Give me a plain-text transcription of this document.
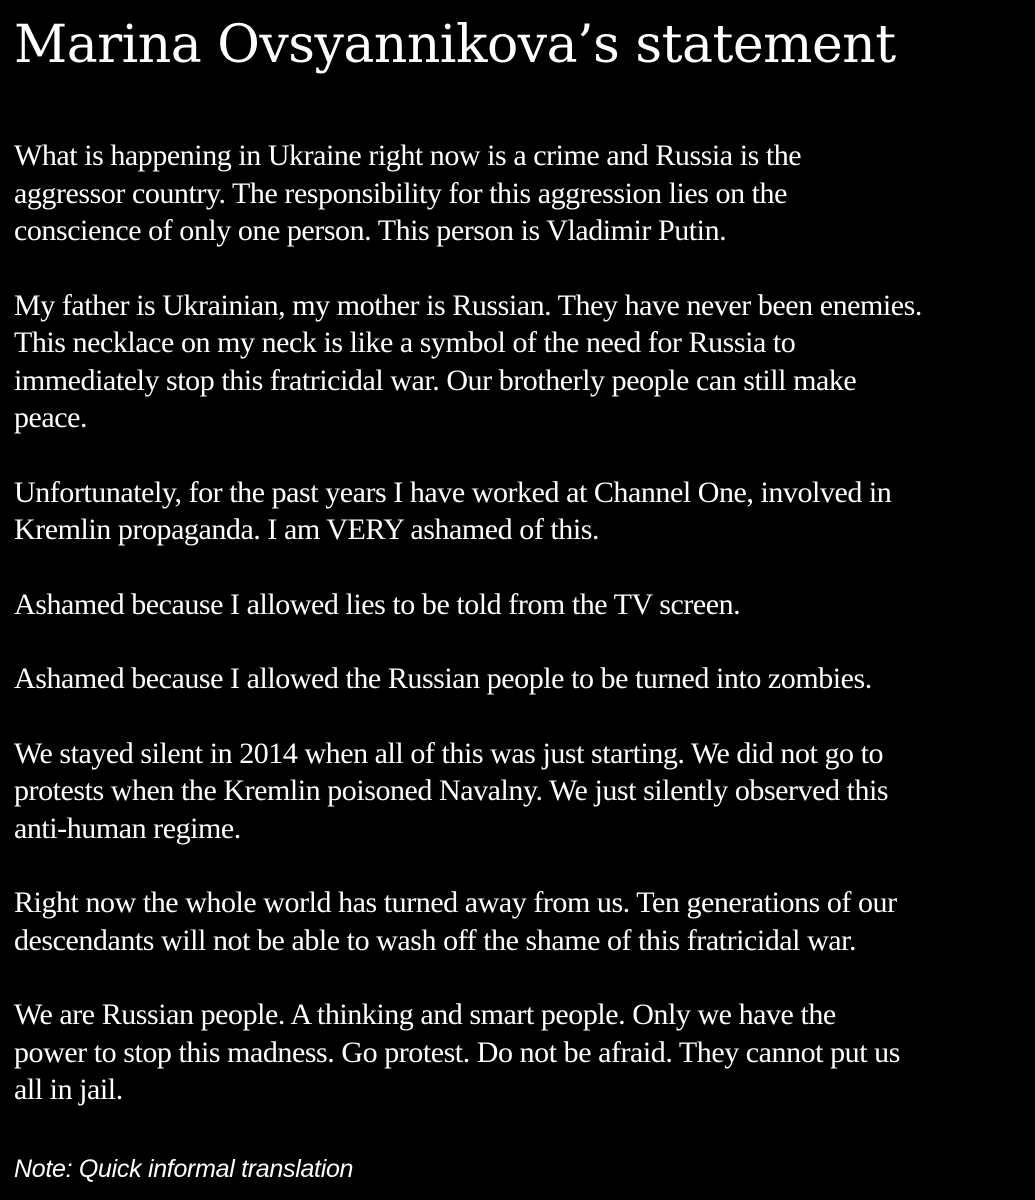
Marina Ovsyannikova’s statement

What is happening in Ukraine right now is a crime and Russia is the
aggressor country. The responsibility for this aggression lies on the
conscience of only one person. This person is Vladimir Putin.

My father is Ukrainian, my mother is Russian. They have never been enemies.
This necklace on my neck is like a symbol of the need for Russia to
immediately stop this fratricidal war. Our brotherly people can still make
peace.

Unfortunately, for the past years I have worked at Channel One, involved in
Kremlin propaganda. I am VERY ashamed of this.

Ashamed because I allowed lies to be told from the TV screen.

Ashamed because I allowed the Russian people to be turned into zombies.

We stayed silent in 2014 when all of this was just starting. We did not go to
protests when the Kremlin poisoned Navalny. We just silently observed this
anti-human regime.

Right now the whole world has turned away from us. Ten generations of our
descendants will not be able to wash off the shame of this fratricidal war.

We are Russian people. A thinking and smart people. Only we have the
power to stop this madness. Go protest. Do not be afraid. They cannot put us
all in jail.

Note: Quick informal translation
